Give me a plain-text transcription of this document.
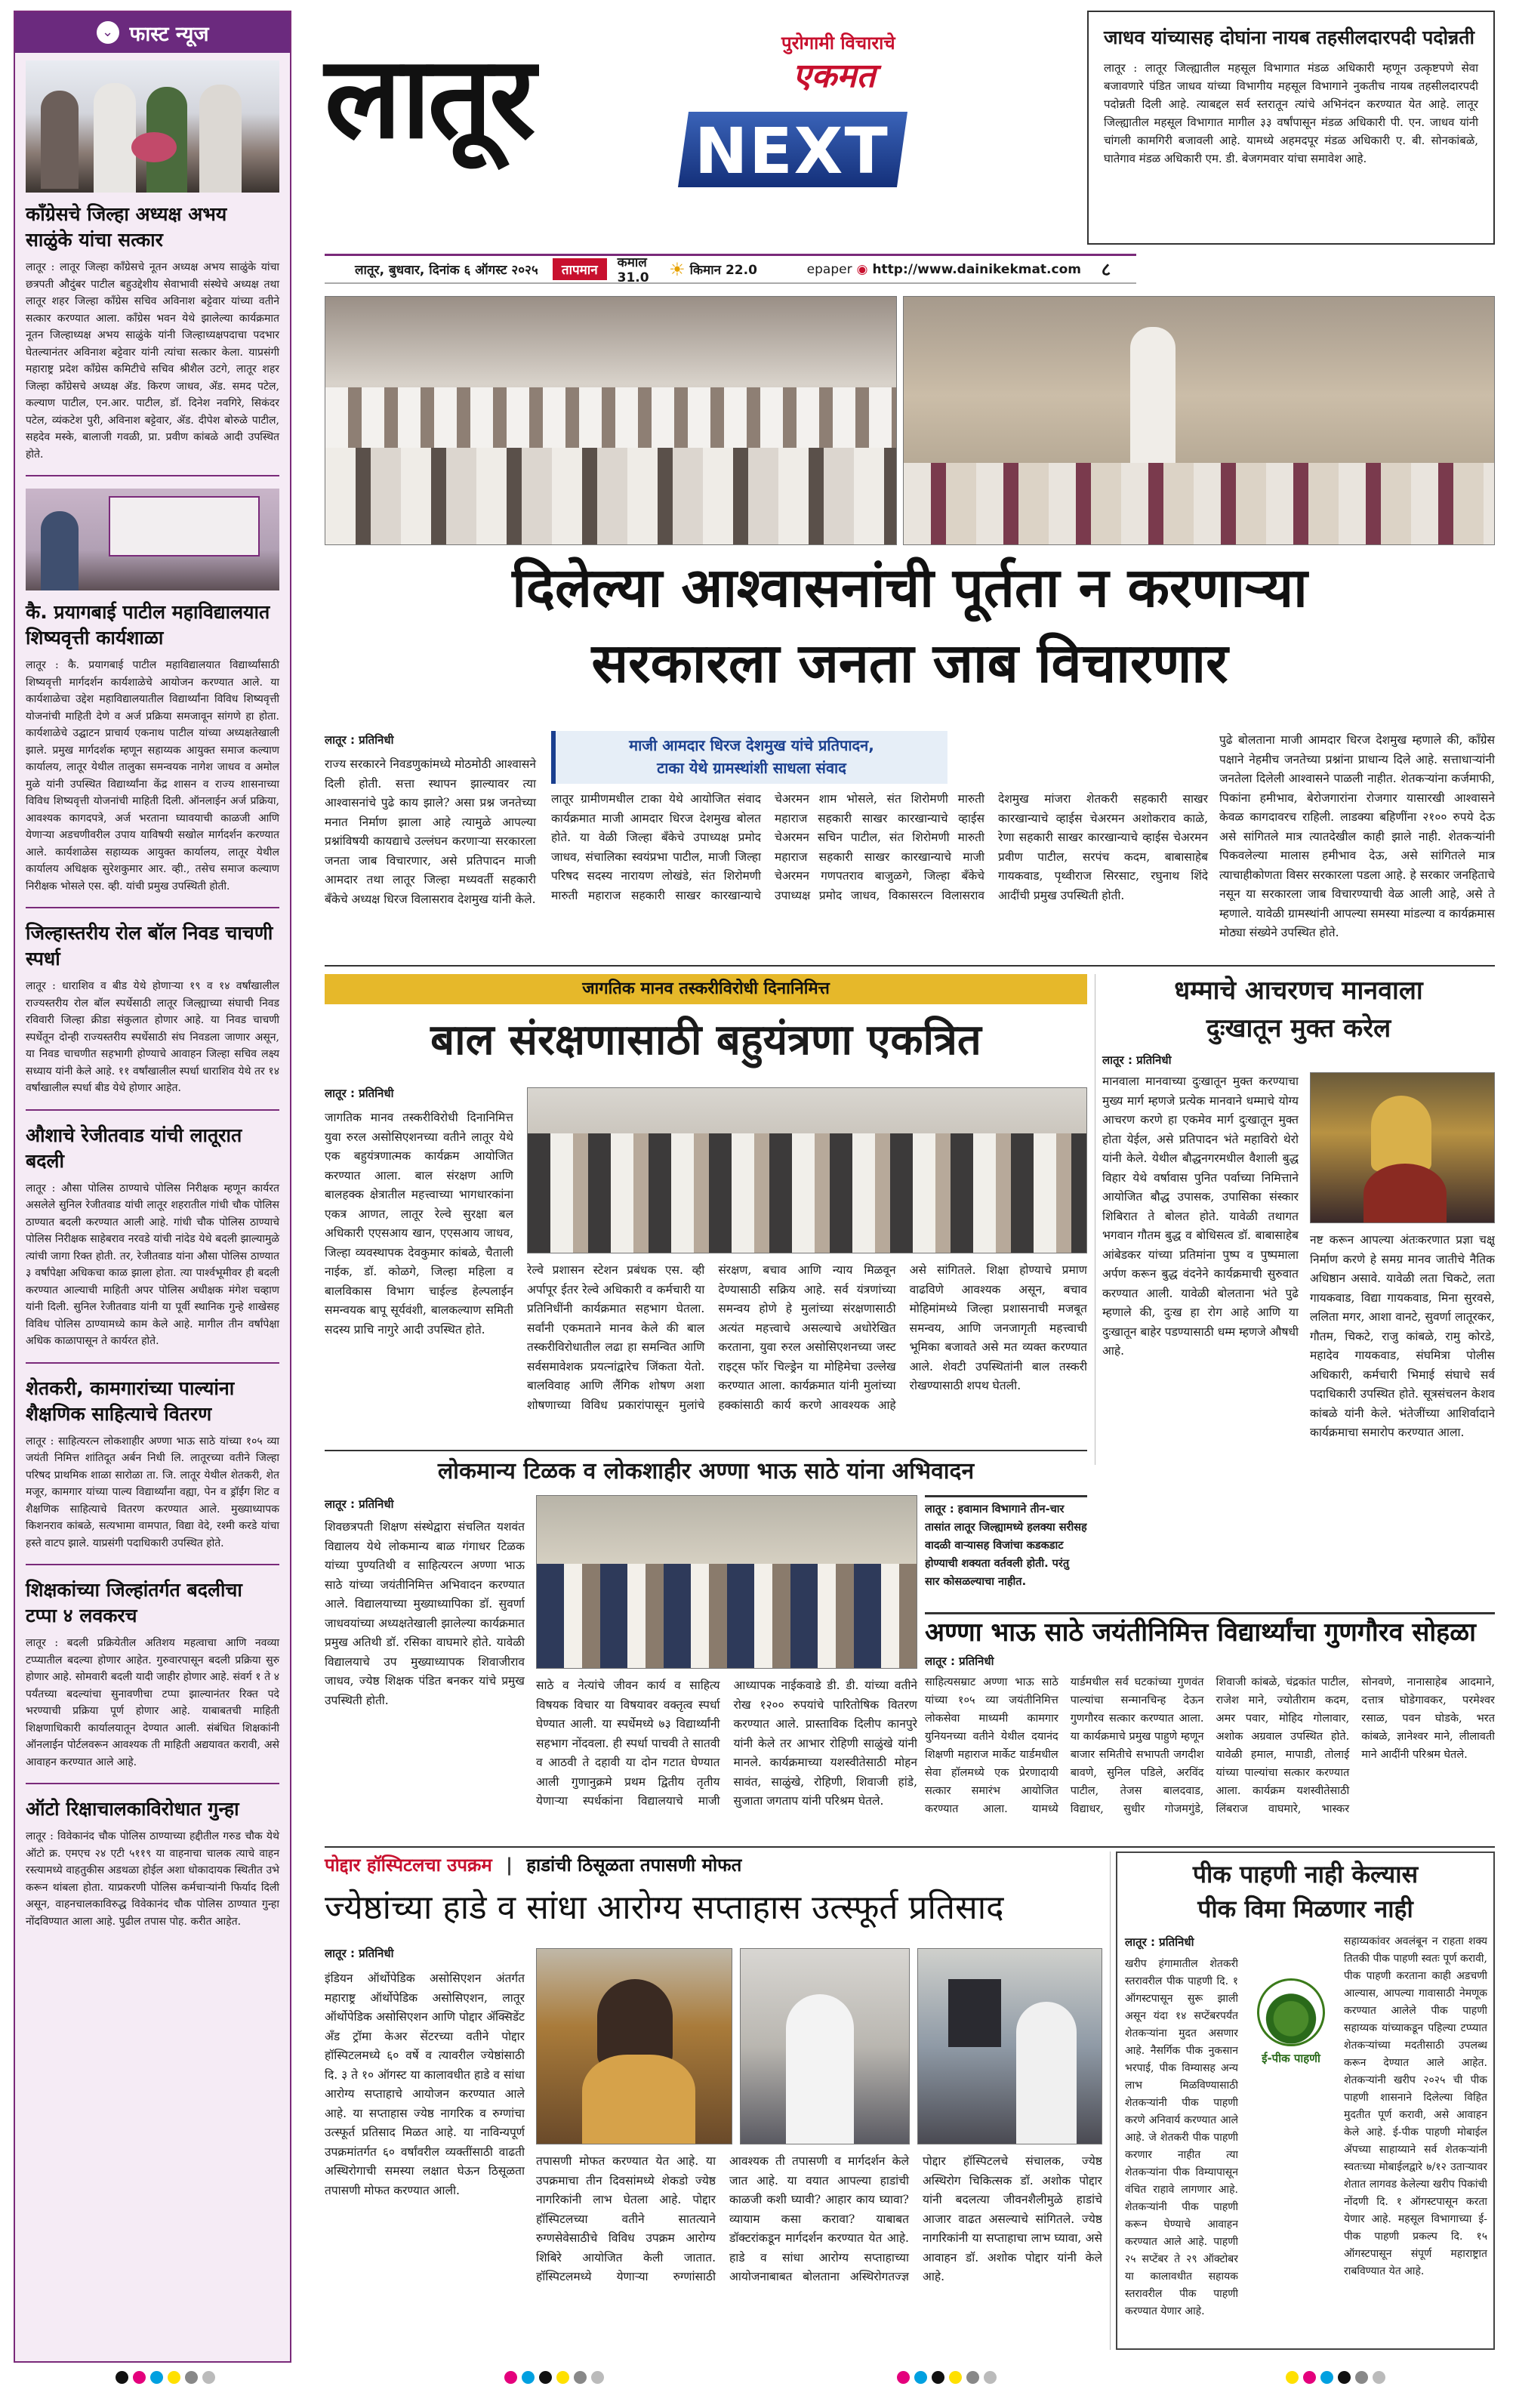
⌄ फास्ट न्यूज
काँग्रेसचे जिल्हा अध्यक्ष अभय साळुंके यांचा सत्कार
लातूर : लातूर जिल्हा काँग्रेसचे नूतन अध्यक्ष अभय साळुंके यांचा छत्रपती औदुंबर पाटील बहुउद्देशीय सेवाभावी संस्थेचे अध्यक्ष तथा लातूर शहर जिल्हा काँग्रेस सचिव अविनाश बट्टेवार यांच्या वतीने सत्कार करण्यात आला. काँग्रेस भवन येथे झालेल्या कार्यक्रमात नूतन जिल्हाध्यक्ष अभय साळुंके यांनी जिल्हाध्यक्षपदाचा पदभार घेतल्यानंतर अविनाश बट्टेवार यांनी त्यांचा सत्कार केला. याप्रसंगी महाराष्ट्र प्रदेश काँग्रेस कमिटीचे सचिव श्रीशैल उटगे, लातूर शहर जिल्हा काँग्रेसचे अध्यक्ष ॲड. किरण जाधव, ॲड. समद पटेल, कल्याण पाटील, एन.आर. पाटील, डॉ. दिनेश नवगिरे, सिकंदर पटेल, व्यंकटेश पुरी, अविनाश बट्टेवार, ॲड. दीपेश बोरुळे पाटील, सहदेव मस्के, बालाजी गवळी, प्रा. प्रवीण कांबळे आदी उपस्थित होते.
कै. प्रयागबाई पाटील महाविद्यालयात शिष्यवृत्ती कार्यशाळा
लातूर : कै. प्रयागबाई पाटील महाविद्यालयात विद्यार्थ्यांसाठी शिष्यवृत्ती मार्गदर्शन कार्यशाळेचे आयोजन करण्यात आले. या कार्यशाळेचा उद्देश महाविद्यालयातील विद्यार्थ्यांना विविध शिष्यवृत्ती योजनांची माहिती देणे व अर्ज प्रक्रिया समजावून सांगणे हा होता. कार्यशाळेचे उद्घाटन प्राचार्य एकनाथ पाटील यांच्या अध्यक्षतेखाली झाले. प्रमुख मार्गदर्शक म्हणून सहाय्यक आयुक्त समाज कल्याण कार्यालय, लातूर येथील तालुका समन्वयक नागेश जाधव व अमोल मुळे यांनी उपस्थित विद्यार्थ्यांना केंद्र शासन व राज्य शासनाच्या विविध शिष्यवृत्ती योजनांची माहिती दिली. ऑनलाईन अर्ज प्रक्रिया, आवश्यक कागदपत्रे, अर्ज भरताना घ्यावयाची काळजी आणि येणाऱ्या अडचणीवरील उपाय याविषयी सखोल मार्गदर्शन करण्यात आले. कार्यशाळेस सहाय्यक आयुक्त कार्यालय, लातूर येथील कार्यालय अधिक्षक सुरेशकुमार आर. व्ही., तसेच समाज कल्याण निरीक्षक भोसले एस. व्ही. यांची प्रमुख उपस्थिती होती.
जिल्हास्तरीय रोल बॉल निवड चाचणी स्पर्धा
लातूर : धाराशिव व बीड येथे होणाऱ्या १९ व १४ वर्षांखालील राज्यस्तरीय रोल बॉल स्पर्धेसाठी लातूर जिल्ह्याच्या संघाची निवड रविवारी जिल्हा क्रीडा संकुलात होणार आहे. या निवड चाचणी स्पर्धेतून दोन्ही राज्यस्तरीय स्पर्धेसाठी संघ निवडला जाणार असून, या निवड चाचणीत सहभागी होण्याचे आवाहन जिल्हा सचिव लक्ष्य सध्याय यांनी केले आहे. ११ वर्षांखालील स्पर्धा धाराशिव येथे तर १४ वर्षांखालील स्पर्धा बीड येथे होणार आहेत.
औशाचे रेजीतवाड यांची लातूरात बदली
लातूर : औसा पोलिस ठाण्याचे पोलिस निरीक्षक म्हणून कार्यरत असलेले सुनिल रेजीतवाड यांची लातूर शहरातील गांधी चौक पोलिस ठाण्यात बदली करण्यात आली आहे. गांधी चौक पोलिस ठाण्याचे पोलिस निरीक्षक साहेबराव नरवडे यांची नांदेड येथे बदली झाल्यामुळे त्यांची जागा रिक्त होती. तर, रेजीतवाड यांना औसा पोलिस ठाण्यात ३ वर्षांपेक्षा अधिकचा काळ झाला होता. त्या पार्श्वभूमीवर ही बदली करण्यात आल्याची माहिती अपर पोलिस अधीक्षक मंगेश चव्हाण यांनी दिली. सुनिल रेजीतवाड यांनी या पूर्वी स्थानिक गुन्हे शाखेसह विविध पोलिस ठाण्यामध्ये काम केले आहे. मागील तीन वर्षांपेक्षा अधिक काळापासून ते कार्यरत होते.
शेतकरी, कामगारांच्या पाल्यांना शैक्षणिक साहित्याचे वितरण
लातूर : साहित्यरत्न लोकशाहीर अण्णा भाऊ साठे यांच्या १०५ व्या जयंती निमित्त शांतिदूत अर्बन निधी लि. लातूरच्या वतीने जिल्हा परिषद प्राथमिक शाळा सारोळा ता. जि. लातूर येथील शेतकरी, शेत मजूर, कामगार यांच्या पाल्य विद्यार्थ्यांना वह्या, पेन व ड्रॉईंग शिट व शैक्षणिक साहित्याचे वितरण करण्यात आले. मुख्याध्यापक किशनराव कांबळे, सत्यभामा वामपात, विद्या वेदे, रश्मी करडे यांचा हस्ते वाटप झाले. याप्रसंगी पदाधिकारी उपस्थित होते.
शिक्षकांच्या जिल्हांतर्गत बदलीचा टप्पा ४ लवकरच
लातूर : बदली प्रक्रियेतील अतिशय महत्वाचा आणि नवव्या टप्प्यातील बदल्या होणार आहेत. गुरुवारपासून बदली प्रक्रिया सुरु होणार आहे. सोमवारी बदली यादी जाहीर होणार आहे. संवर्ग १ ते ४ पर्यंतच्या बदल्यांचा सुनावणीचा टप्पा झाल्यानंतर रिक्त पदे भरण्याची प्रक्रिया पूर्ण होणार आहे. याबाबतची माहिती शिक्षणाधिकारी कार्यालयातून देण्यात आली. संबंधित शिक्षकांनी ऑनलाईन पोर्टलवरून आवश्यक ती माहिती अद्ययावत करावी, असे आवाहन करण्यात आले आहे.
ऑटो रिक्षाचालकाविरोधात गुन्हा
लातूर : विवेकानंद चौक पोलिस ठाण्याच्या हद्दीतील गरुड चौक येथे ऑटो क्र. एमएच २४ एटी ५११९ या वाहनाचा चालक त्याचे वाहन रस्त्यामध्ये वाहतुकीस अडथळा होईल अशा धोकादायक स्थितीत उभे करून थांबला होता. याप्रकरणी पोलिस कर्मचाऱ्यांनी फिर्याद दिली असून, वाहनचालकाविरुद्ध विवेकानंद चौक पोलिस ठाण्यात गुन्हा नोंदविण्यात आला आहे. पुढील तपास पोह. करीत आहेत.
लातूर	पुरोगामी विचाराचे
एकमत
NEXT
लातूर, बुधवार, दिनांक ६ ऑगस्ट २०२५	तापमान	कमाल 31.0	☀ किमान 22.0	epaper ◉ http://www.dainikekmat.com	८
जाधव यांच्यासह दोघांना नायब तहसीलदारपदी पदोन्नती
लातूर : लातूर जिल्ह्यातील महसूल विभागात मंडळ अधिकारी म्हणून उत्कृष्टपणे सेवा बजावणारे पंडित जाधव यांच्या विभागीय महसूल विभागाने नुकतीच नायब तहसीलदारपदी पदोन्नती दिली आहे. त्याबद्दल सर्व स्तरातून त्यांचे अभिनंदन करण्यात येत आहे. लातूर जिल्ह्यातील महसूल विभागात मागील ३३ वर्षांपासून मंडळ अधिकारी पी. एन. जाधव यांनी चांगली कामगिरी बजावली आहे. यामध्ये अहमदपूर मंडळ अधिकारी ए. बी. सोनकांबळे, घातेगाव मंडळ अधिकारी एम. डी. बेजगमवार यांचा समावेश आहे.
दिलेल्या आश्वासनांची पूर्तता न करणाऱ्या
सरकारला जनता जाब विचारणार
लातूर : प्रतिनिधी
राज्य सरकारने निवडणुकांमध्ये मोठमोठी आश्वासने दिली होती. सत्ता स्थापन झाल्यावर त्या आश्वासनांचे पुढे काय झाले? असा प्रश्न जनतेच्या मनात निर्माण झाला आहे त्यामुळे आपल्या प्रश्नांविषयी कायद्याचे उल्लंघन करणाऱ्या सरकारला जनता जाब विचारणार, असे प्रतिपादन माजी आमदार तथा लातूर जिल्हा मध्यवर्ती सहकारी बँकेचे अध्यक्ष धिरज विलासराव देशमुख यांनी केले.
माजी आमदार धिरज देशमुख यांचे प्रतिपादन,
टाका येथे ग्रामस्थांशी साधला संवाद
लातूर ग्रामीणमधील टाका येथे आयोजित संवाद कार्यक्रमात माजी आमदार धिरज देशमुख बोलत होते. या वेळी जिल्हा बँकेचे उपाध्यक्ष प्रमोद जाधव, संचालिका स्वयंप्रभा पाटील, माजी जिल्हा परिषद सदस्य नारायण लोखंडे, संत शिरोमणी मारुती महाराज सहकारी साखर कारखान्याचे चेअरमन शाम भोसले, संत शिरोमणी मारुती महाराज सहकारी साखर कारखान्याचे व्हाईस चेअरमन सचिन पाटील, संत शिरोमणी मारुती महाराज सहकारी साखर कारखान्याचे माजी चेअरमन गणपतराव बाजुळगे, जिल्हा बँकेचे उपाध्यक्ष प्रमोद जाधव, विकासरत्न विलासराव देशमुख मांजरा शेतकरी सहकारी साखर कारखान्याचे व्हाईस चेअरमन अशोकराव काळे, रेणा सहकारी साखर कारखान्याचे व्हाईस चेअरमन प्रवीण पाटील, सरपंच कदम, बाबासाहेब गायकवाड, पृथ्वीराज सिरसाट, रघुनाथ शिंदे आदींची प्रमुख उपस्थिती होती.
पुढे बोलताना माजी आमदार धिरज देशमुख म्हणाले की, काँग्रेस पक्षाने नेहमीच जनतेच्या प्रश्नांना प्राधान्य दिले आहे. सत्ताधाऱ्यांनी जनतेला दिलेली आश्वासने पाळली नाहीत. शेतकऱ्यांना कर्जमाफी, पिकांना हमीभाव, बेरोजगारांना रोजगार यासारखी आश्वासने केवळ कागदावरच राहिली. लाडक्या बहिणींना २१०० रुपये देऊ असे सांगितले मात्र त्यातदेखील काही झाले नाही. शेतकऱ्यांनी पिकवलेल्या मालास हमीभाव देऊ, असे सांगितले मात्र त्याचाहीकोणता विसर सरकारला पडला आहे. हे सरकार जनहिताचे नसून या सरकारला जाब विचारण्याची वेळ आली आहे, असे ते म्हणाले. यावेळी ग्रामस्थांनी आपल्या समस्या मांडल्या व कार्यक्रमास मोठ्या संख्येने उपस्थित होते.
जागतिक मानव तस्करीविरोधी दिनानिमित्त
बाल संरक्षणासाठी बहुयंत्रणा एकत्रित
लातूर : प्रतिनिधी
जागतिक मानव तस्करीविरोधी दिनानिमित्त युवा रुरल असोसिएशनच्या वतीने लातूर येथे एक बहुयंत्रणात्मक कार्यक्रम आयोजित करण्यात आला. बाल संरक्षण आणि बालहक्क क्षेत्रातील महत्त्वाच्या भागधारकांना एकत्र आणत, लातूर रेल्वे सुरक्षा बल अधिकारी एएसआय खान, एएसआय जाधव, जिल्हा व्यवस्थापक देवकुमार कांबळे, चैताली नाईक, डॉ. कोळगे, जिल्हा महिला व बालविकास विभाग चाईल्ड हेल्पलाईन समन्वयक बापू सूर्यवंशी, बालकल्याण समिती सदस्य प्राचि नागुरे आदी उपस्थित होते.
रेल्वे प्रशासन स्टेशन प्रबंधक एस. व्ही अर्पापूर ईतर रेल्वे अधिकारी व कर्मचारी या प्रतिनिधींनी कार्यक्रमात सहभाग घेतला. सर्वांनी एकमताने मानव केले की बाल तस्करीविरोधातील लढा हा समन्वित आणि सर्वसमावेशक प्रयत्नांद्वारेच जिंकता येतो. बालविवाह आणि लैंगिक शोषण अशा शोषणाच्या विविध प्रकारांपासून मुलांचे संरक्षण, बचाव आणि न्याय मिळवून देण्यासाठी सक्रिय आहे. सर्व यंत्रणांच्या समन्वय होणे हे मुलांच्या संरक्षणासाठी अत्यंत महत्त्वाचे असल्याचे अधोरेखित करताना, युवा रुरल असोसिएशनच्या जस्ट राइट्स फॉर चिल्ड्रेन या मोहिमेचा उल्लेख करण्यात आला. कार्यक्रमात यांनी मुलांच्या हक्कांसाठी कार्य करणे आवश्यक आहे असे सांगितले. शिक्षा होण्याचे प्रमाण वाढविणे आवश्यक असून, बचाव मोहिमांमध्ये जिल्हा प्रशासनाची मजबूत समन्वय, आणि जनजागृती महत्त्वाची भूमिका बजावते असे मत व्यक्त करण्यात आले. शेवटी उपस्थितांनी बाल तस्करी रोखण्यासाठी शपथ घेतली.
धम्माचे आचरणच मानवाला
दुःखातून मुक्त करेल
लातूर : प्रतिनिधी
मानवाला मानवाच्या दुःखातून मुक्त करण्याचा मुख्य मार्ग म्हणजे प्रत्येक मानवाने धम्माचे योग्य आचरण करणे हा एकमेव मार्ग दुःखातून मुक्त होता येईल, असे प्रतिपादन भंते महाविरो थेरो यांनी केले. येथील बौद्धनगरमधील वैशाली बुद्ध विहार येथे वर्षावास पुनित पर्वाच्या निमित्ताने आयोजित बौद्ध उपासक, उपासिका संस्कार शिबिरात ते बोलत होते. यावेळी तथागत भगवान गौतम बुद्ध व बोधिसत्व डॉ. बाबासाहेब आंबेडकर यांच्या प्रतिमांना पुष्प व पुष्पमाला अर्पण करून बुद्ध वंदनेने कार्यक्रमाची सुरुवात करण्यात आली. यावेळी बोलताना भंते पुढे म्हणाले की, दुःख हा रोग आहे आणि या दुःखातून बाहेर पडण्यासाठी धम्म म्हणजे औषधी आहे.
नष्ट करून आपल्या अंतःकरणात प्रज्ञा चक्षू निर्माण करणे हे समग्र मानव जातीचे नैतिक अधिष्ठान असावे. यावेळी लता चिकटे, लता गायकवाड, विद्या गायकवाड, मिना सुरवसे, ललिता मगर, आशा वानटे, सुवर्णा लातूरकर, गौतम, चिकटे, राजु कांबळे, रामु कोरडे, महादेव गायकवाड, संघमित्रा पोलीस अधिकारी, कर्मचारी भिमाई संघाचे सर्व पदाधिकारी उपस्थित होते. सूत्रसंचलन केशव कांबळे यांनी केले. भंतेजींच्या आशिर्वादाने कार्यक्रमाचा समारोप करण्यात आला.
लोकमान्य टिळक व लोकशाहीर अण्णा भाऊ साठे यांना अभिवादन
लातूर : प्रतिनिधी
शिवछत्रपती शिक्षण संस्थेद्वारा संचलित यशवंत विद्यालय येथे लोकमान्य बाळ गंगाधर टिळक यांच्या पुण्यतिथी व साहित्यरत्न अण्णा भाऊ साठे यांच्या जयंतीनिमित्त अभिवादन करण्यात आले. विद्यालयाच्या मुख्याध्यापिका डॉ. सुवर्णा जाधवयांच्या अध्यक्षतेखाली झालेल्या कार्यक्रमात प्रमुख अतिथी डॉ. रसिका वाघमारे होते. यावेळी विद्यालयाचे उप मुख्याध्यापक शिवाजीराव जाधव, ज्येष्ठ शिक्षक पंडित बनकर यांचे प्रमुख उपस्थिती होती.
साठे व नेत्यांचे जीवन कार्य व साहित्य विषयक विचार या विषयावर वक्तृत्व स्पर्धा घेण्यात आली. या स्पर्धेमध्ये ७३ विद्यार्थ्यांनी सहभाग नोंदवला. ही स्पर्धा पाचवी ते सातवी व आठवी ते दहावी या दोन गटात घेण्यात आली गुणानुक्रमे प्रथम द्वितीय तृतीय येणाऱ्या स्पर्धकांना विद्यालयाचे माजी आध्यापक नाईकवाडे डी. डी. यांच्या वतीने रोख १२०० रुपयांचे पारितोषिक वितरण करण्यात आले. प्रास्ताविक दिलीप कानपुरे यांनी केले तर आभार रोहिणी साळुंखे यांनी मानले. कार्यक्रमाच्या यशस्वीतेसाठी मोहन सावंत, साळुंखे, रोहिणी, शिवाजी हांडे, सुजाता जगताप यांनी परिश्रम घेतले.
लातूर : हवामान विभागाने तीन-चार तासांत लातूर जिल्ह्यामध्ये हलक्या सरीसह वादळी वाऱ्यासह विजांचा कडकडाट होण्याची शक्यता वर्तवली होती. परंतु सार कोसळल्याचा नाहीत.
अण्णा भाऊ साठे जयंतीनिमित्त विद्यार्थ्यांचा गुणगौरव सोहळा
लातूर : प्रतिनिधी
साहित्यसम्राट अण्णा भाऊ साठे यांच्या १०५ व्या जयंतीनिमित्त लोकसेवा माध्यमी कामगार युनियनच्या वतीने येथील दयानंद शिक्षणी महाराज मार्केट यार्डमधील सेवा हॉलमध्ये एक प्रेरणादायी सत्कार समारंभ आयोजित करण्यात आला. यामध्ये यार्डमधील सर्व घटकांच्या गुणवंत पाल्यांचा सन्मानचिन्ह देऊन गुणगौरव सत्कार करण्यात आला. या कार्यक्रमाचे प्रमुख पाहुणे म्हणून बाजार समितीचे सभापती जगदीश बावणे, सुनिल पडिले, अरविंद पाटील, तेजस बालदवाड, विद्याधर, सुधीर गोजमगुंडे, शिवाजी कांबळे, चंद्रकांत पाटील, राजेश माने, ज्योतीराम कदम, अमर पवार, मोहिद गोलावार, अशोक अग्रवाल उपस्थित होते. यावेळी हमाल, मापाडी, तोलाई यांच्या पाल्यांचा सत्कार करण्यात आला. कार्यक्रम यशस्वीतेसाठी लिंबराज वाघमारे, भास्कर सोनवणे, नानासाहेब आदमाने, दत्तात्र घोडेगावकर, परमेश्वर रसाळ, पवन घोडके, भरत कांबळे, ज्ञानेश्वर माने, लीलावती माने आदींनी परिश्रम घेतले.
पोद्दार हॉस्पिटलचा उपक्रम | हाडांची ठिसूळता तपासणी मोफत
ज्येष्ठांच्या हाडे व सांधा आरोग्य सप्ताहास उत्स्फूर्त प्रतिसाद
लातूर : प्रतिनिधी
इंडियन ऑर्थोपेडिक असोसिएशन अंतर्गत महाराष्ट्र ऑर्थोपेडिक असोसिएशन, लातूर ऑर्थोपेडिक असोसिएशन आणि पोद्दार ॲक्सिडेंट अँड ट्रॉमा केअर सेंटरच्या वतीने पोद्दार हॉस्पिटलमध्ये ६० वर्षे व त्यावरील ज्येष्ठांसाठी दि. ३ ते १० ऑगस्ट या कालावधीत हाडे व सांधा आरोग्य सप्ताहाचे आयोजन करण्यात आले आहे. या सप्ताहास ज्येष्ठ नागरिक व रुग्णांचा उत्स्फूर्त प्रतिसाद मिळत आहे. या नाविन्यपूर्ण उपक्रमांतर्गत ६० वर्षांवरील व्यक्तींसाठी वाढती अस्थिरोगाची समस्या लक्षात घेऊन ठिसूळता तपासणी मोफत करण्यात आली.
तपासणी मोफत करण्यात येत आहे. या उपक्रमाचा तीन दिवसांमध्ये शेकडो ज्येष्ठ नागरिकांनी लाभ घेतला आहे. पोद्दार हॉस्पिटलच्या वतीने सातत्याने रुग्णसेवेसाठीचे विविध उपक्रम आरोग्य शिबिरे आयोजित केली जातात. हॉस्पिटलमध्ये येणाऱ्या रुग्णांसाठी आवश्यक ती तपासणी व मार्गदर्शन केले जात आहे. या वयात आपल्या हाडांची काळजी कशी घ्यावी? आहार काय घ्यावा? व्यायाम कसा करावा? याबाबत डॉक्टरांकडून मार्गदर्शन करण्यात येत आहे. हाडे व सांधा आरोग्य सप्ताहाच्या आयोजनाबाबत बोलताना अस्थिरोगतज्ज्ञ पोद्दार हॉस्पिटलचे संचालक, ज्येष्ठ अस्थिरोग चिकित्सक डॉ. अशोक पोद्दार यांनी बदलत्या जीवनशैलीमुळे हाडांचे आजार वाढत असल्याचे सांगितले. ज्येष्ठ नागरिकांनी या सप्ताहाचा लाभ घ्यावा, असे आवाहन डॉ. अशोक पोद्दार यांनी केले आहे.
पीक पाहणी नाही केल्यास
पीक विमा मिळणार नाही
लातूर : प्रतिनिधी
खरीप हंगामातील शेतकरी स्तरावरील पीक पाहणी दि. १ ऑगस्टपासून सुरू झाली असून यंदा १४ सप्टेंबरपर्यंत शेतकऱ्यांना मुदत असणार आहे. नैसर्गिक पीक नुकसान भरपाई, पीक विम्यासह अन्य लाभ मिळविण्यासाठी शेतकऱ्यांनी पीक पाहणी करणे अनिवार्य करण्यात आले आहे. जे शेतकरी पीक पाहणी करणार नाहीत त्या शेतकऱ्यांना पीक विम्यापासून वंचित राहावे लागणार आहे. शेतकऱ्यांनी पीक पाहणी करून घेण्याचे आवाहन करण्यात आले आहे. पाहणी २५ सप्टेंबर ते २९ ऑक्टोबर या कालावधीत सहायक स्तरावरील पीक पाहणी करण्यात येणार आहे.
ई-पीक पाहणी
सहाय्यकांवर अवलंबून न राहता शक्य तितकी पीक पाहणी स्वतः पूर्ण करावी, पीक पाहणी करताना काही अडचणी आल्यास, आपल्या गावासाठी नेमणूक करण्यात आलेले पीक पाहणी सहाय्यक यांच्याकडून पहिल्या टप्प्यात शेतकऱ्यांच्या मदतीसाठी उपलब्ध करून देण्यात आले आहेत. शेतकऱ्यांनी खरीप २०२५ ची पीक पाहणी शासनाने दिलेल्या विहित मुदतीत पूर्ण करावी, असे आवाहन केले आहे. ई-पीक पाहणी मोबाईल ॲपच्या साहाय्याने सर्व शेतकऱ्यांनी स्वतःच्या मोबाईलद्वारे ७/१२ उताऱ्यावर शेतात लागवड केलेल्या खरीप पिकांची नोंदणी दि. १ ऑगस्टपासून करता येणार आहे. महसूल विभागाच्या ई-पीक पाहणी प्रकल्प दि. १५ ऑगस्टपासून संपूर्ण महाराष्ट्रात राबविण्यात येत आहे.
